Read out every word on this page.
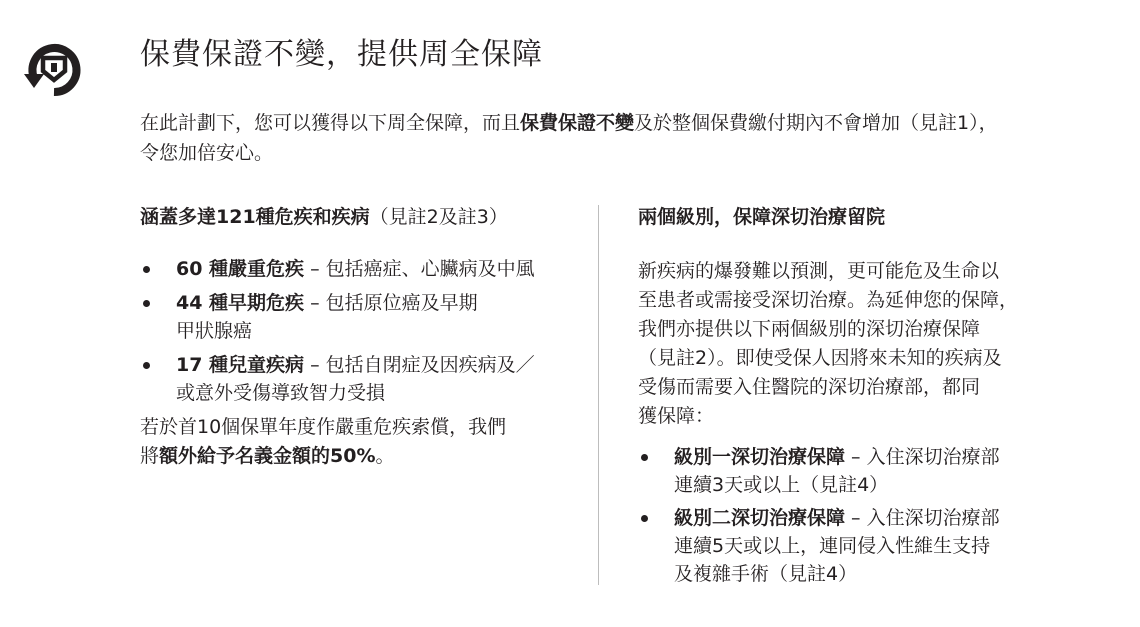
保費保證不變，提供周全保障

在此計劃下，您可以獲得以下周全保障，而且保費保證不變及於整個保費繳付期內不會增加（見註1），
令您加倍安心。

涵蓋多達121種危疾和疾病（見註2及註3）
60 種嚴重危疾 – 包括癌症、心臟病及中風
44 種早期危疾 – 包括原位癌及早期
甲狀腺癌
17 種兒童疾病 – 包括自閉症及因疾病及／
或意外受傷導致智力受損

若於首10個保單年度作嚴重危疾索償，我們
將額外給予名義金額的50%。

兩個級別，保障深切治療留院

新疾病的爆發難以預測，更可能危及生命以
至患者或需接受深切治療。為延伸您的保障，
我們亦提供以下兩個級別的深切治療保障
（見註2）。即使受保人因將來未知的疾病及
受傷而需要入住醫院的深切治療部，都同
獲保障：

級別一深切治療保障 – 入住深切治療部
連續3天或以上（見註4）
級別二深切治療保障 – 入住深切治療部
連續5天或以上，連同侵入性維生支持
及複雜手術（見註4）
